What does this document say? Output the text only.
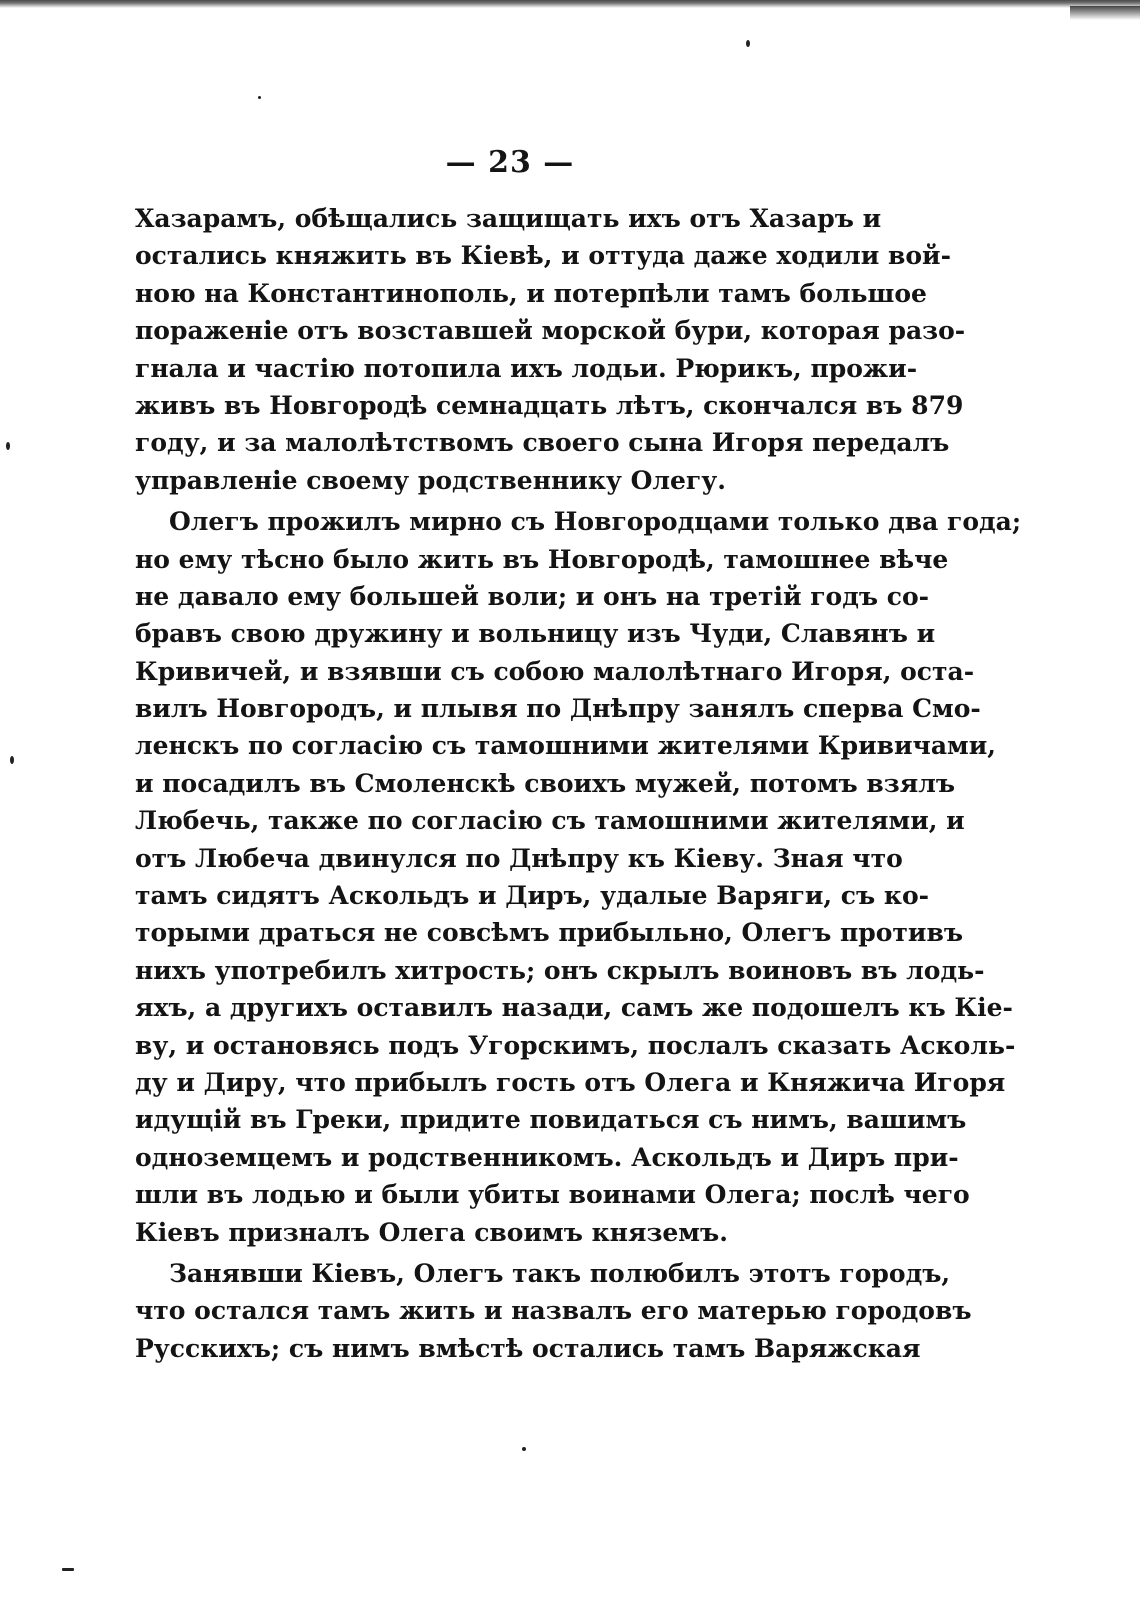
— 23 —
Хазарамъ, обѣщались защищать ихъ отъ Хазаръ и
остались княжить въ Кіевѣ, и оттуда даже ходили вой-
ною на Константинополь, и потерпѣли тамъ большое
пораженіе отъ возставшей морской бури, которая разо-
гнала и частію потопила ихъ лодьи. Рюрикъ, прожи-
живъ въ Новгородѣ семнадцать лѣтъ, скончался въ 879
году, и за малолѣтствомъ своего сына Игоря передалъ
управленіе своему родственнику Олегу.
Олегъ прожилъ мирно съ Новгородцами только два года;
но ему тѣсно было жить въ Новгородѣ, тамошнее вѣче
не давало ему большей воли; и онъ на третій годъ со-
бравъ свою дружину и вольницу изъ Чуди, Славянъ и
Кривичей, и взявши съ собою малолѣтнаго Игоря, оста-
вилъ Новгородъ, и плывя по Днѣпру занялъ сперва Смо-
ленскъ по согласію съ тамошними жителями Кривичами,
и посадилъ въ Смоленскѣ своихъ мужей, потомъ взялъ
Любечь, также по согласію съ тамошними жителями, и
отъ Любеча двинулся по Днѣпру къ Кіеву. Зная что
тамъ сидятъ Аскольдъ и Диръ, удалые Варяги, съ ко-
торыми драться не совсѣмъ прибыльно, Олегъ противъ
нихъ употребилъ хитрость; онъ скрылъ воиновъ въ лодь-
яхъ, а другихъ оставилъ назади, самъ же подошелъ къ Кіе-
ву, и остановясь подъ Угорскимъ, послалъ сказать Асколь-
ду и Диру, что прибылъ гость отъ Олега и Княжича Игоря
идущій въ Греки, придите повидаться съ нимъ, вашимъ
однoземцемъ и родственникомъ. Аскольдъ и Диръ при-
шли въ лодью и были убиты воинами Олега; послѣ чего
Кіевъ призналъ Олега своимъ княземъ.
Занявши Кіевъ, Олегъ такъ полюбилъ этотъ городъ,
что остался тамъ жить и назвалъ его матерью городовъ
Русскихъ; съ нимъ вмѣстѣ остались тамъ Варяжская
